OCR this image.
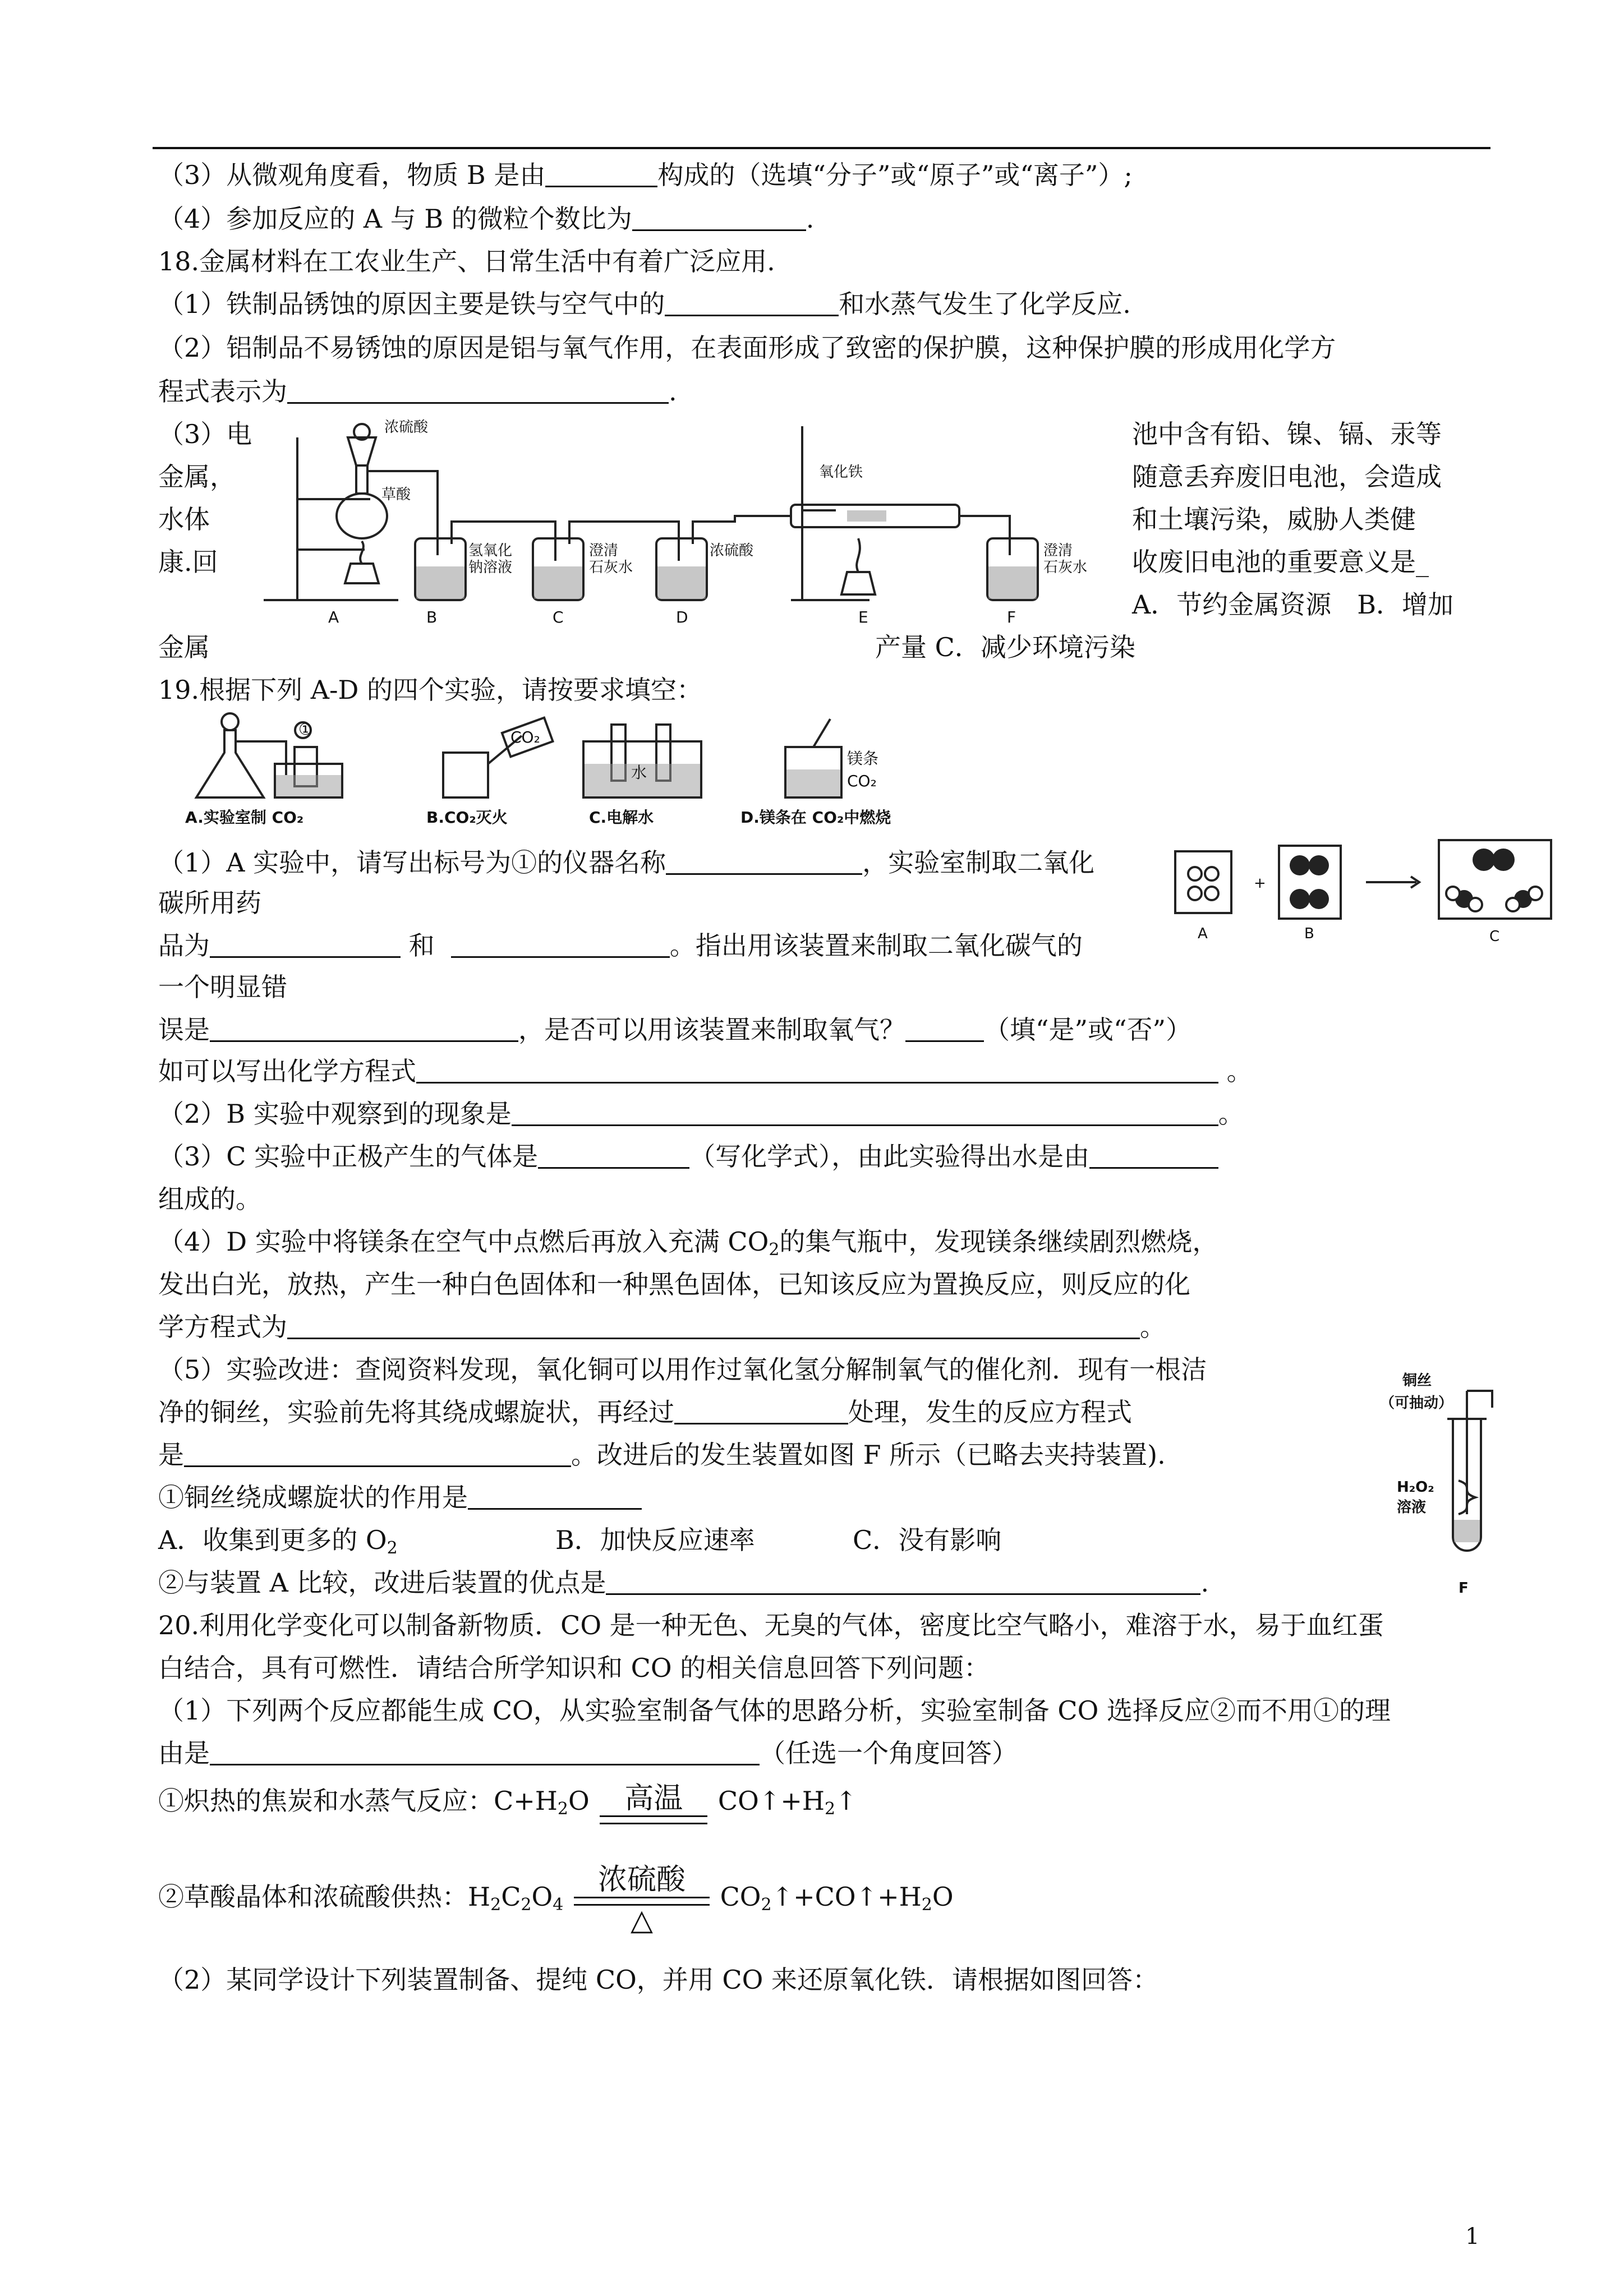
（3）从微观角度看，物质 B 是由	构成的（选填“分子”或“原子”或“离子”）;
（4）参加反应的 A 与 B 的微粒个数比为	.
18.金属材料在工农业生产、日常生活中有着广泛应用.
（1）铁制品锈蚀的原因主要是铁与空气中的	和水蒸气发生了化学反应.
（2）铝制品不易锈蚀的原因是铝与氧气作用，在表面形成了致密的保护膜，这种保护膜的形成用化学方
程式表示为	.
（3）电
金属，
水体
康.回
金属
池中含有铅、镍、镉、汞等
随意丢弃废旧电池，会造成
和土壤污染，威胁人类健
收废旧电池的重要意义是_
A．节约金属资源　B．增加
产量 C．减少环境污染
浓硫酸
草酸
氢氧化
钠溶液
澄清
石灰水
浓硫酸
氧化铁
澄清
石灰水
A	B	C	D	E	F
19.根据下列 A-D 的四个实验，请按要求填空：
①	CO₂
水
镁条
CO₂
A.实验室制 CO₂	B.CO₂灭火	C.电解水	D.镁条在 CO₂中燃烧
+
A	B	C
（1）A 实验中，请写出标号为①的仪器名称	，实验室制取二氧化
碳所用药
品为	和	。指出用该装置来制取二氧化碳气的
一个明显错
误是	，是否可以用该装置来制取氧气？	（填“是”或“否”）
如可以写出化学方程式	。
（2）B 实验中观察到的现象是	。
（3）C 实验中正极产生的气体是	（写化学式），由此实验得出水是由
组成的。
（4）D 实验中将镁条在空气中点燃后再放入充满 $CO_2$的集气瓶中，发现镁条继续剧烈燃烧，
发出白光，放热，产生一种白色固体和一种黑色固体，已知该反应为置换反应，则反应的化
学方程式为	。
（5）实验改进：查阅资料发现，氧化铜可以用作过氧化氢分解制氧气的催化剂．现有一根洁
净的铜丝，实验前先将其绕成螺旋状，再经过	处理，发生的反应方程式
是	。改进后的发生装置如图 F 所示（已略去夹持装置).
①铜丝绕成螺旋状的作用是
A．收集到更多的 $O_2$	B．加快反应速率	C．没有影响
②与装置 A 比较，改进后装置的优点是	.
铜丝
（可抽动）
H₂O₂
溶液
F
20.利用化学变化可以制备新物质．CO 是一种无色、无臭的气体，密度比空气略小，难溶于水，易于血红蛋
白结合，具有可燃性．请结合所学知识和 CO 的相关信息回答下列问题：
（1）下列两个反应都能生成 CO，从实验室制备气体的思路分析，实验室制备 CO 选择反应②而不用①的理
由是	（任选一个角度回答）
①炽热的焦炭和水蒸气反应：$C+H_2O$	高温	$CO↑+H_2↑$
②草酸晶体和浓硫酸供热：$H_2C_2O_4$
浓硫酸
△
$CO_2↑+CO↑+H_2O$
（2）某同学设计下列装置制备、提纯 CO，并用 CO 来还原氧化铁．请根据如图回答：
1
